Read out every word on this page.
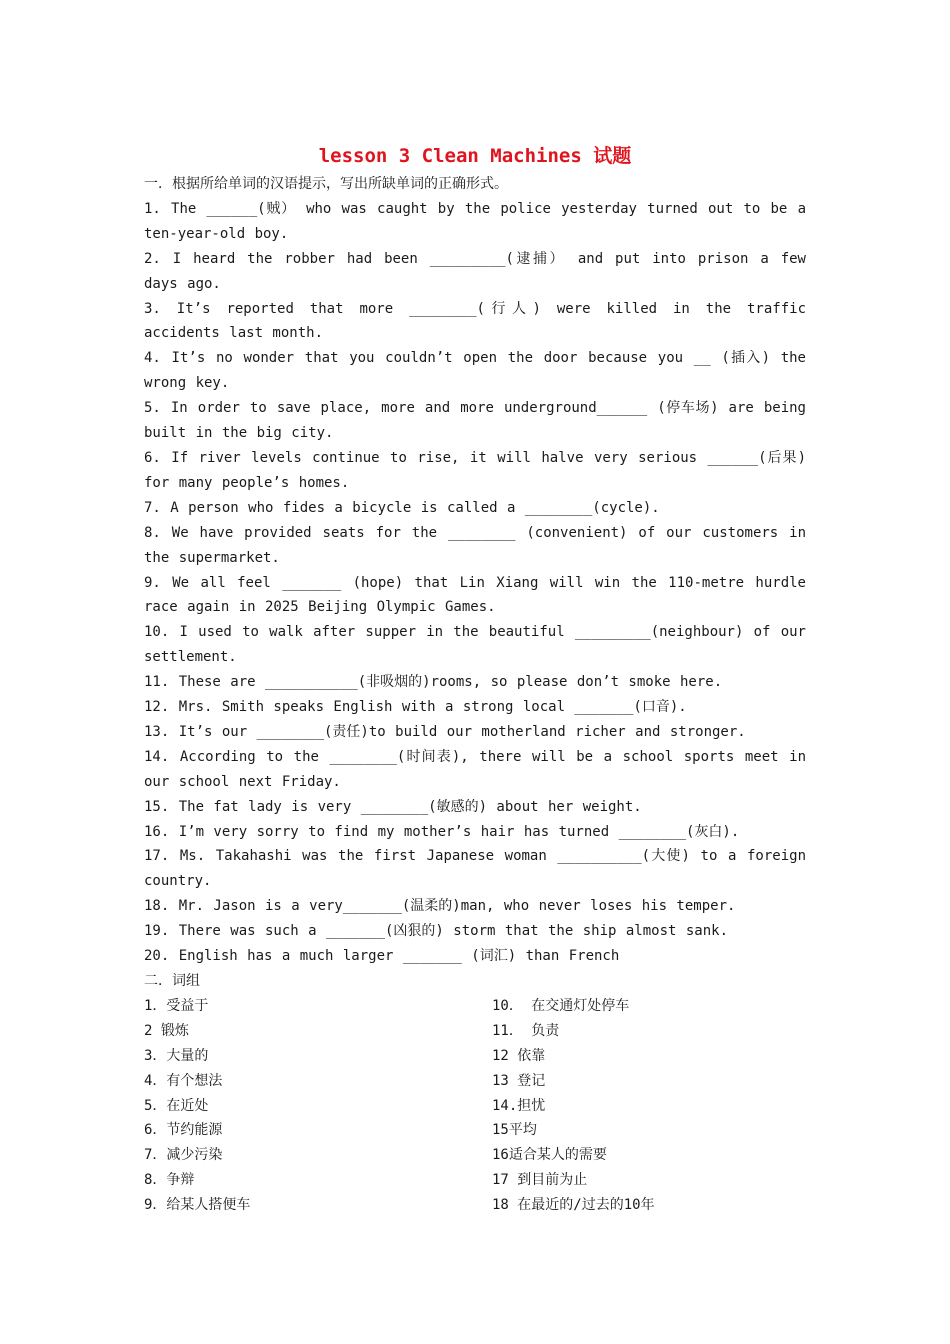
lesson 3 Clean Machines 试题

一．根据所给单词的汉语提示，写出所缺单词的正确形式。

1. The ______(贼） who was caught by the police yesterday turned out to be a ten-year-old boy.

2. I heard the robber had been _________(逮捕） and put into prison a few days ago.

3. It’s reported that more ________(行人) were killed in the traffic accidents last month.

4. It’s no wonder that you couldn’t open the door because you __ (插入) the wrong key.

5. In order to save place, more and more underground______ (停车场) are being built in the big city.

6. If river levels continue to rise, it will halve very serious ______(后果) for many people’s homes.

7. A person who fides a bicycle is called a ________(cycle).

8. We have provided seats for the ________ (convenient) of our customers in the supermarket.

9. We all feel _______ (hope) that Lin Xiang will win the 110-metre hurdle race again in 2025 Beijing Olympic Games.

10. I used to walk after supper in the beautiful _________(neighbour) of our settlement.

11. These are ___________(非吸烟的)rooms, so please don’t smoke here.

12. Mrs. Smith speaks English with a strong local _______(口音).

13. It’s our ________(责任)to build our motherland richer and stronger.

14. According to the ________(时间表), there will be a school sports meet in our school next Friday.

15. The fat lady is very ________(敏感的) about her weight.

16. I’m very sorry to find my mother’s hair has turned ________(灰白).

17. Ms. Takahashi was the first Japanese woman __________(大使) to a foreign country.

18. Mr. Jason is a very_______(温柔的)man, who never loses his temper.

19. There was such a _______(凶狠的) storm that the ship almost sank.

20. English has a much larger _______ (词汇) than French

二．词组

1．受益于	10． 在交通灯处停车
2 锻炼	11． 负责
3．大量的	12 依靠
4．有个想法	13 登记
5．在近处	14.担忧
6．节约能源	15平均
7．减少污染	16适合某人的需要
8．争辩	17 到目前为止
9．给某人搭便车	18 在最近的/过去的10年
